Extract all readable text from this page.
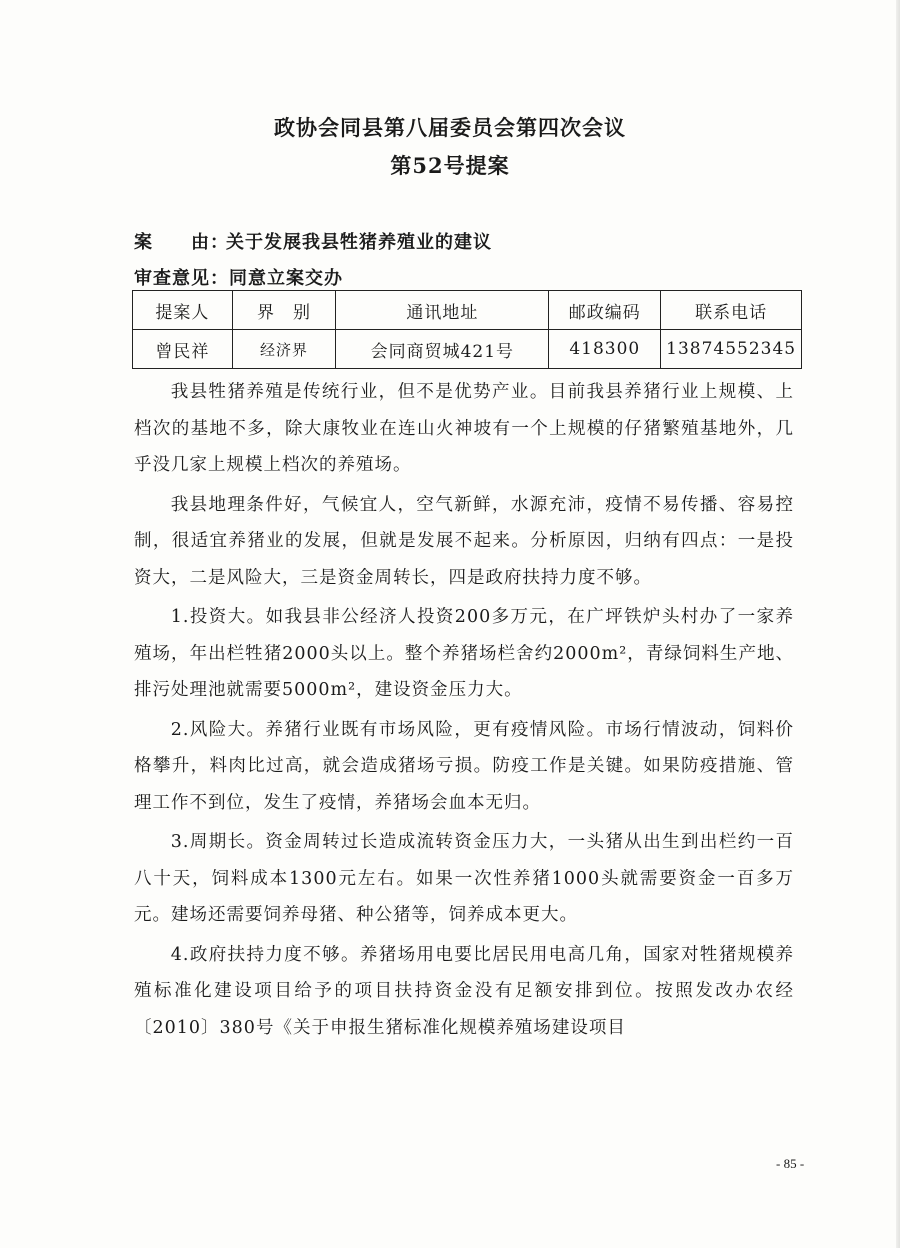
政协会同县第八届委员会第四次会议
第52号提案
案　　由：关于发展我县牲猪养殖业的建议
审查意见：同意立案交办
提案人	界　别	通讯地址	邮政编码	联系电话
曾民祥	经济界	会同商贸城421号	418300	13874552345

我县牲猪养殖是传统行业，但不是优势产业。目前我县养猪行业上规模、上档次的基地不多，除大康牧业在连山火神坡有一个上规模的仔猪繁殖基地外，几乎没几家上规模上档次的养殖场。

我县地理条件好，气候宜人，空气新鲜，水源充沛，疫情不易传播、容易控制，很适宜养猪业的发展，但就是发展不起来。分析原因，归纳有四点：一是投资大，二是风险大，三是资金周转长，四是政府扶持力度不够。

1.投资大。如我县非公经济人投资200多万元，在广坪铁炉头村办了一家养殖场，年出栏牲猪2000头以上。整个养猪场栏舍约2000m²，青绿饲料生产地、排污处理池就需要5000m²，建设资金压力大。

2.风险大。养猪行业既有市场风险，更有疫情风险。市场行情波动，饲料价格攀升，料肉比过高，就会造成猪场亏损。防疫工作是关键。如果防疫措施、管理工作不到位，发生了疫情，养猪场会血本无归。

3.周期长。资金周转过长造成流转资金压力大，一头猪从出生到出栏约一百八十天，饲料成本1300元左右。如果一次性养猪1000头就需要资金一百多万元。建场还需要饲养母猪、种公猪等，饲养成本更大。

4.政府扶持力度不够。养猪场用电要比居民用电高几角，国家对牲猪规模养殖标准化建设项目给予的项目扶持资金没有足额安排到位。按照发改办农经〔2010〕380号《关于申报生猪标准化规模养殖场建设项目

- 85 -
